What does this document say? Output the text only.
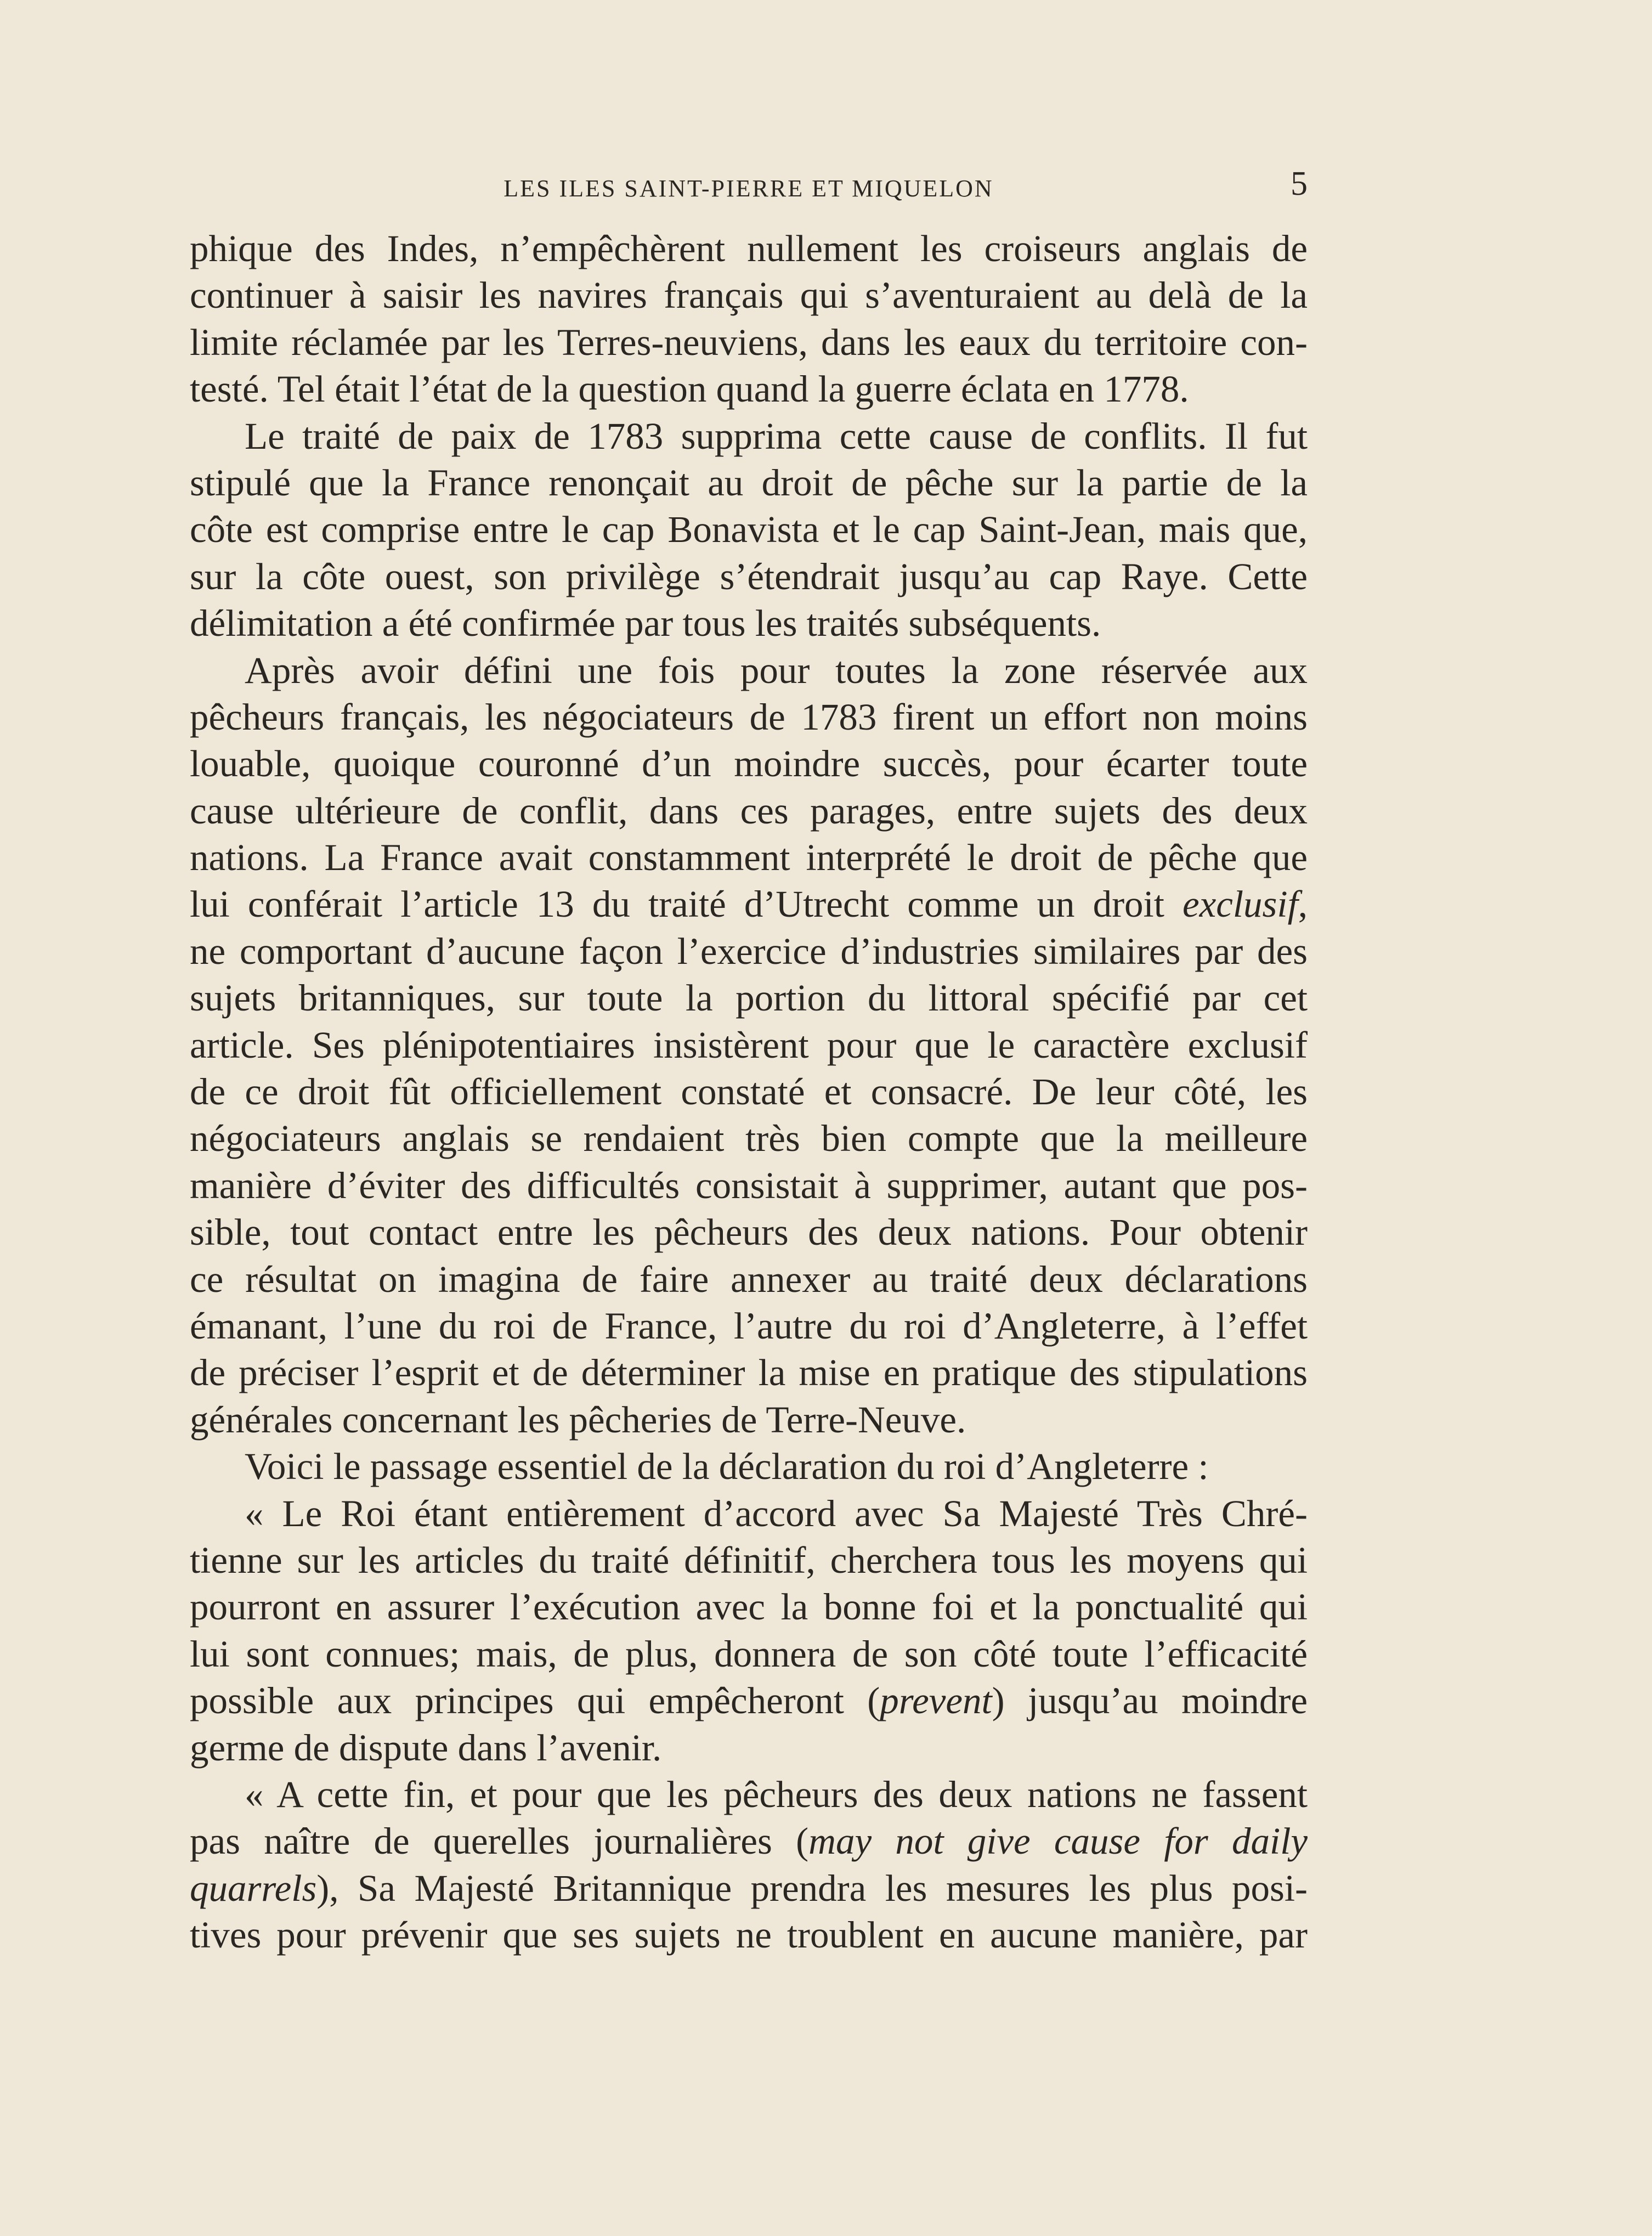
LES ILES SAINT-PIERRE ET MIQUELON	5
phique des Indes, n’empêchèrent nullement les croiseurs anglais de
continuer à saisir les navires français qui s’aventuraient au delà de la
limite réclamée par les Terres-neuviens, dans les eaux du territoire con-
testé. Tel était l’état de la question quand la guerre éclata en 1778.
Le traité de paix de 1783 supprima cette cause de conflits. Il fut
stipulé que la France renonçait au droit de pêche sur la partie de la
côte est comprise entre le cap Bonavista et le cap Saint-Jean, mais que,
sur la côte ouest, son privilège s’étendrait jusqu’au cap Raye. Cette
délimitation a été confirmée par tous les traités subséquents.
Après avoir défini une fois pour toutes la zone réservée aux
pêcheurs français, les négociateurs de 1783 firent un effort non moins
louable, quoique couronné d’un moindre succès, pour écarter toute
cause ultérieure de conflit, dans ces parages, entre sujets des deux
nations. La France avait constamment interprété le droit de pêche que
lui conférait l’article 13 du traité d’Utrecht comme un droit exclusif,
ne comportant d’aucune façon l’exercice d’industries similaires par des
sujets britanniques, sur toute la portion du littoral spécifié par cet
article. Ses plénipotentiaires insistèrent pour que le caractère exclusif
de ce droit fût officiellement constaté et consacré. De leur côté, les
négociateurs anglais se rendaient très bien compte que la meilleure
manière d’éviter des difficultés consistait à supprimer, autant que pos-
sible, tout contact entre les pêcheurs des deux nations. Pour obtenir
ce résultat on imagina de faire annexer au traité deux déclarations
émanant, l’une du roi de France, l’autre du roi d’Angleterre, à l’effet
de préciser l’esprit et de déterminer la mise en pratique des stipulations
générales concernant les pêcheries de Terre-Neuve.
Voici le passage essentiel de la déclaration du roi d’Angleterre :
« Le Roi étant entièrement d’accord avec Sa Majesté Très Chré-
tienne sur les articles du traité définitif, cherchera tous les moyens qui
pourront en assurer l’exécution avec la bonne foi et la ponctualité qui
lui sont connues; mais, de plus, donnera de son côté toute l’efficacité
possible aux principes qui empêcheront (prevent) jusqu’au moindre
germe de dispute dans l’avenir.
« A cette fin, et pour que les pêcheurs des deux nations ne fassent
pas naître de querelles journalières (may not give cause for daily
quarrels), Sa Majesté Britannique prendra les mesures les plus posi-
tives pour prévenir que ses sujets ne troublent en aucune manière, par
